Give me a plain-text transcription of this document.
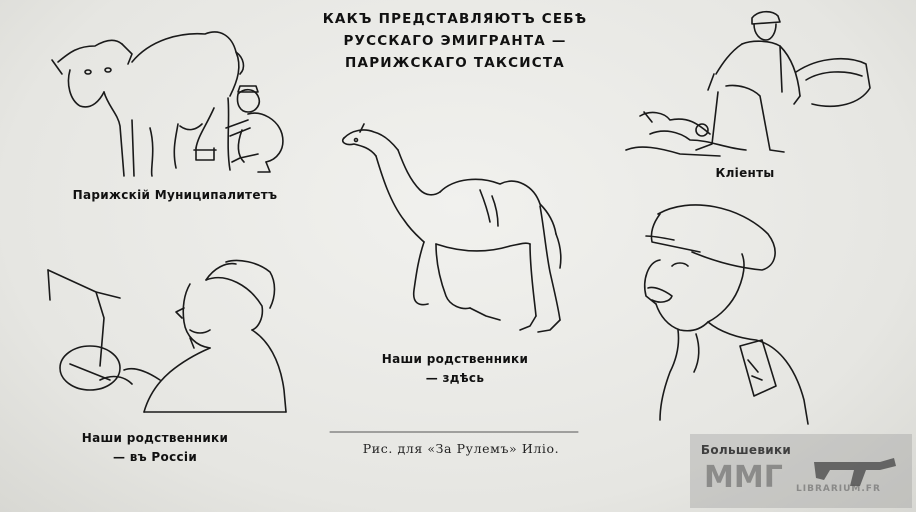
КАКЪ ПРЕДСТАВЛЯЮТЪ СЕБѢ
РУССКАГО ЭМИГРАНТА —
ПАРИЖСКАГО ТАКСИСТА
Парижскій Муниципалитетъ
Кліенты
Наши родственники
— здѣсь
Наши родственники
— въ Россіи	Большевики
Рис. для «За Рулемъ» Иліо.
ММГ LIBRARIUM.FR
